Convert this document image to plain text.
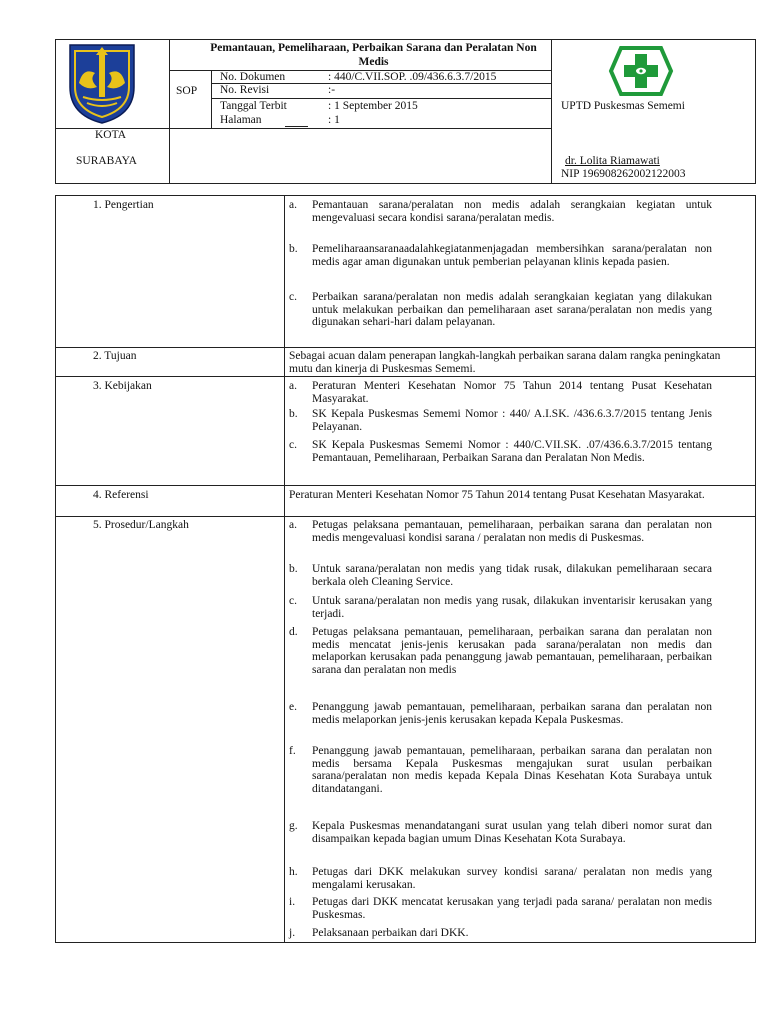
KOTA
SURABAYA
Pemantauan, Pemeliharaan, Perbaikan Sarana dan Peralatan Non Medis
SOP
No. Dokumen	: 440/C.VII.SOP. .09/436.6.3.7/2015
No. Revisi	:-
Tanggal Terbit	: 1 September 2015
Halaman	: 1
UPTD Puskesmas Sememi
dr. Lolita Riamawati
NIP 196908262002122003
1. Pengertian	a. Pemantauan sarana/peralatan non medis adalah serangkaian kegiatan untuk mengevaluasi secara kondisi sarana/peralatan medis.
b. Pemeliharaansaranaadalahkegiatanmenjagadan membersihkan sarana/peralatan non medis agar aman digunakan untuk pemberian pelayanan klinis kepada pasien.
c. Perbaikan sarana/peralatan non medis adalah serangkaian kegiatan yang dilakukan untuk melakukan perbaikan dan pemeliharaan aset sarana/peralatan non medis yang digunakan sehari-hari dalam pelayanan.
2. Tujuan	Sebagai acuan dalam penerapan langkah-langkah perbaikan sarana dalam rangka peningkatan mutu dan kinerja di Puskesmas Sememi.
3. Kebijakan	a. Peraturan Menteri Kesehatan Nomor 75 Tahun 2014 tentang Pusat Kesehatan Masyarakat.
b. SK Kepala Puskesmas Sememi Nomor : 440/ A.I.SK. /436.6.3.7/2015 tentang Jenis Pelayanan.
c. SK Kepala Puskesmas Sememi Nomor : 440/C.VII.SK. .07/436.6.3.7/2015 tentang Pemantauan, Pemeliharaan, Perbaikan Sarana dan Peralatan Non Medis.
4. Referensi	Peraturan Menteri Kesehatan Nomor 75 Tahun 2014 tentang Pusat Kesehatan Masyarakat.
5. Prosedur/Langkah	a. Petugas pelaksana pemantauan, pemeliharaan, perbaikan sarana dan peralatan non medis mengevaluasi kondisi sarana / peralatan non medis di Puskesmas.
b. Untuk sarana/peralatan non medis yang tidak rusak, dilakukan pemeliharaan secara berkala oleh Cleaning Service.
c. Untuk sarana/peralatan non medis yang rusak, dilakukan inventarisir kerusakan yang terjadi.
d. Petugas pelaksana pemantauan, pemeliharaan, perbaikan sarana dan peralatan non medis mencatat jenis-jenis kerusakan pada sarana/peralatan non medis dan melaporkan kerusakan pada penanggung jawab pemantauan, pemeliharaan, perbaikan sarana dan peralatan non medis
e. Penanggung jawab pemantauan, pemeliharaan, perbaikan sarana dan peralatan non medis melaporkan jenis-jenis kerusakan kepada Kepala Puskesmas.
f. Penanggung jawab pemantauan, pemeliharaan, perbaikan sarana dan peralatan non medis bersama Kepala Puskesmas mengajukan surat usulan perbaikan sarana/peralatan non medis kepada Kepala Dinas Kesehatan Kota Surabaya untuk ditandatangani.
g. Kepala Puskesmas menandatangani surat usulan yang telah diberi nomor surat dan disampaikan kepada bagian umum Dinas Kesehatan Kota Surabaya.
h. Petugas dari DKK melakukan survey kondisi sarana/ peralatan non medis yang mengalami kerusakan.
i. Petugas dari DKK mencatat kerusakan yang terjadi pada sarana/ peralatan non medis Puskesmas.
j. Pelaksanaan perbaikan dari DKK.
